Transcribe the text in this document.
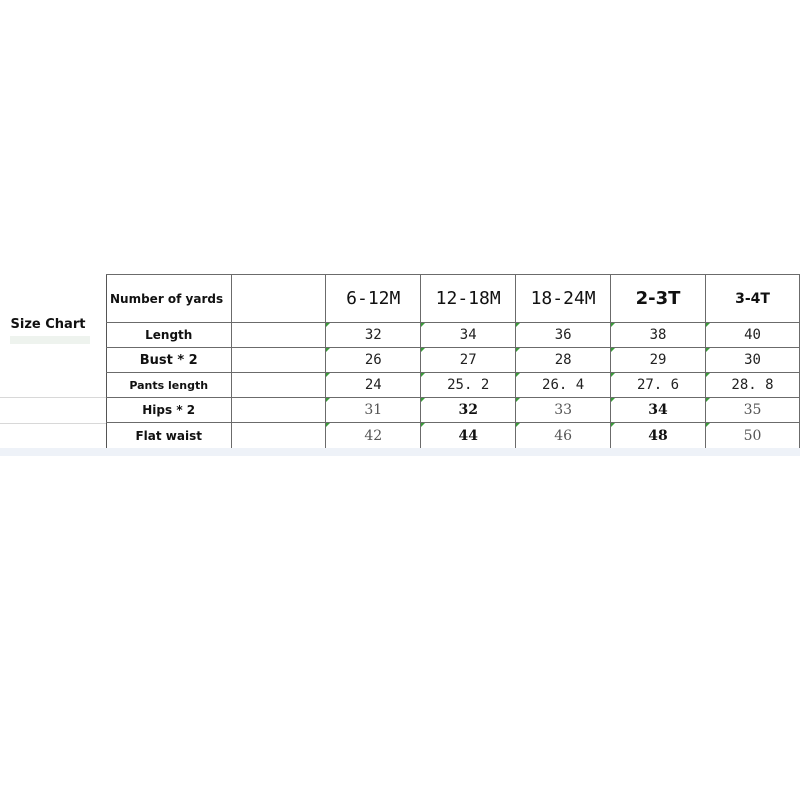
Size Chart
Number of yards		6-12M	12-18M	18-24M	2-3T	3-4T
Length		32	34	36	38	40
Bust * 2		26	27	28	29	30
Pants length		24	25. 2	26. 4	27. 6	28. 8
Hips * 2		31	32	33	34	35
Flat waist		42	44	46	48	50
